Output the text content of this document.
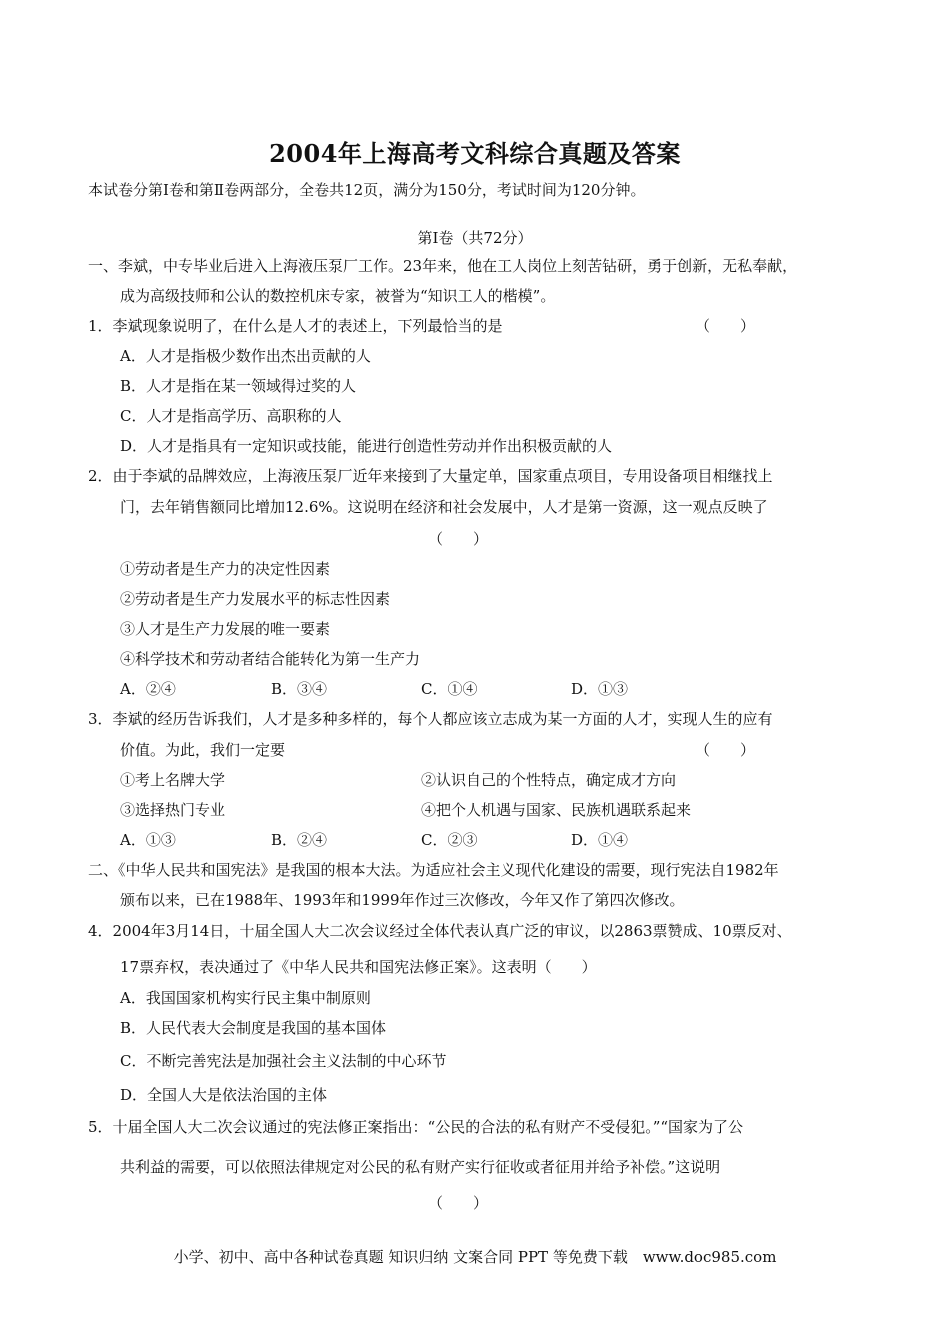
2004年上海高考文科综合真题及答案
本试卷分第Ⅰ卷和第Ⅱ卷两部分，全卷共12页，满分为150分，考试时间为120分钟。
第Ⅰ卷（共72分）
一、李斌，中专毕业后进入上海液压泵厂工作。23年来，他在工人岗位上刻苦钻研，勇于创新，无私奉献，
成为高级技师和公认的数控机床专家，被誉为“知识工人的楷模”。
1．李斌现象说明了，在什么是人才的表述上，下列最恰当的是	（　　）
A．人才是指极少数作出杰出贡献的人
B．人才是指在某一领域得过奖的人
C．人才是指高学历、高职称的人
D．人才是指具有一定知识或技能，能进行创造性劳动并作出积极贡献的人
2．由于李斌的品牌效应，上海液压泵厂近年来接到了大量定单，国家重点项目，专用设备项目相继找上
门，去年销售额同比增加12.6%。这说明在经济和社会发展中，人才是第一资源，这一观点反映了
（　　）
①劳动者是生产力的决定性因素
②劳动者是生产力发展水平的标志性因素
③人才是生产力发展的唯一要素
④科学技术和劳动者结合能转化为第一生产力
A．②④	B．③④	C．①④	D．①③
3．李斌的经历告诉我们，人才是多种多样的，每个人都应该立志成为某一方面的人才，实现人生的应有
价值。为此，我们一定要	（　　）
①考上名牌大学	②认识自己的个性特点，确定成才方向
③选择热门专业	④把个人机遇与国家、民族机遇联系起来
A．①③	B．②④	C．②③	D．①④
二、《中华人民共和国宪法》是我国的根本大法。为适应社会主义现代化建设的需要，现行宪法自1982年
颁布以来，已在1988年、1993年和1999年作过三次修改，今年又作了第四次修改。
4．2004年3月14日，十届全国人大二次会议经过全体代表认真广泛的审议，以2863票赞成、10票反对、
17票弃权，表决通过了《中华人民共和国宪法修正案》。这表明（　　）
A．我国国家机构实行民主集中制原则
B．人民代表大会制度是我国的基本国体
C．不断完善宪法是加强社会主义法制的中心环节
D．全国人大是依法治国的主体
5．十届全国人大二次会议通过的宪法修正案指出：“公民的合法的私有财产不受侵犯。”“国家为了公
共利益的需要，可以依照法律规定对公民的私有财产实行征收或者征用并给予补偿。”这说明
（　　）
小学、初中、高中各种试卷真题 知识归纳 文案合同 PPT 等免费下载　www.doc985.com
